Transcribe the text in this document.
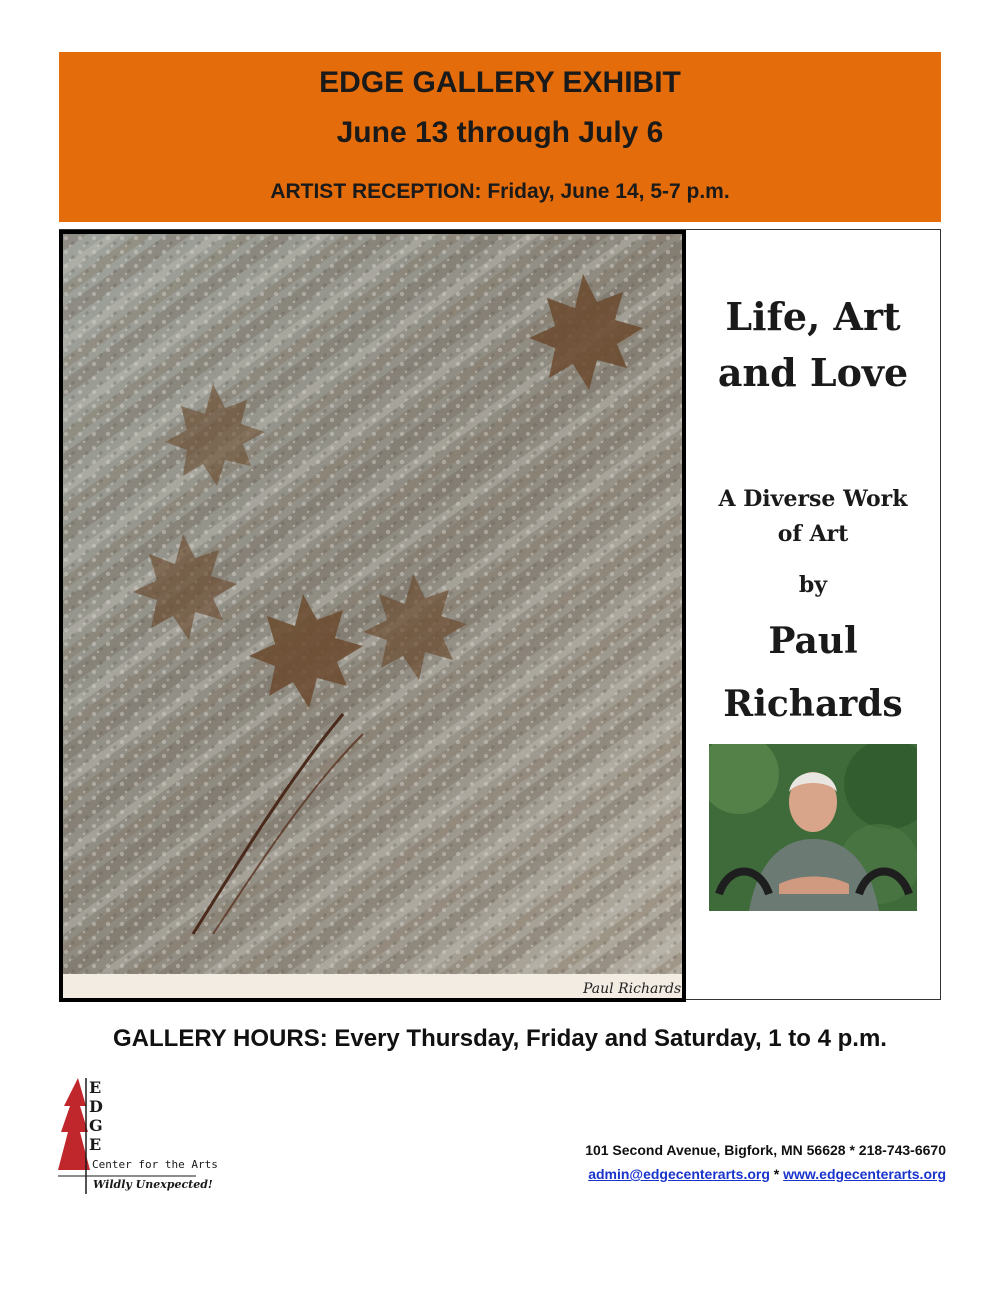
EDGE GALLERY EXHIBIT
June 13 through July 6
ARTIST RECEPTION: Friday, June 14, 5-7 p.m.
Paul Richards
Life, Art
and Love
A Diverse Work
of Art
by
Paul
Richards
GALLERY HOURS: Every Thursday, Friday and Saturday, 1 to 4 p.m.
E
D
G
E
Center for the Arts
Wildly Unexpected!
101 Second Avenue, Bigfork, MN 56628 * 218-743-6670
admin@edgecenterarts.org * www.edgecenterarts.org
